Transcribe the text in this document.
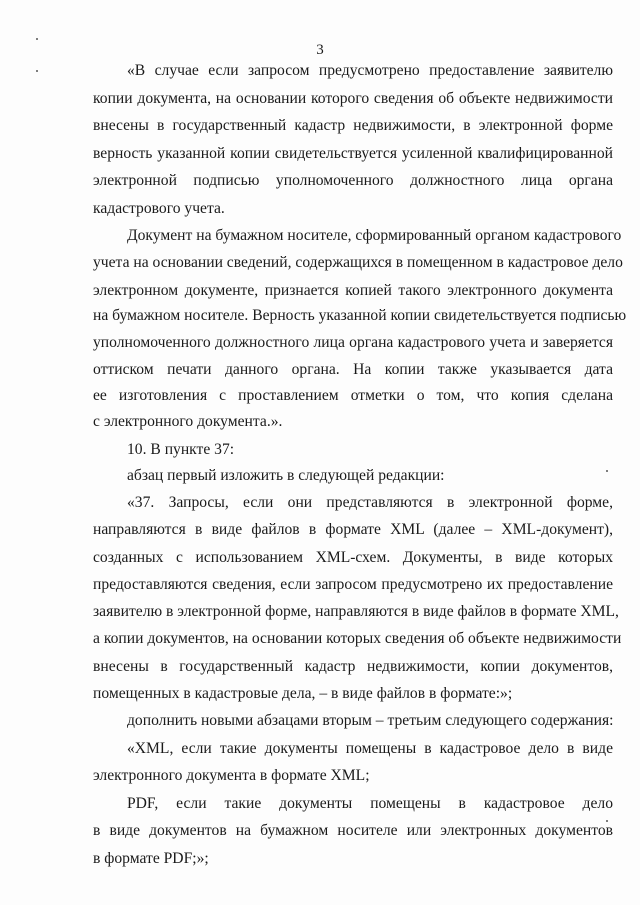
3
«В случае если запросом предусмотрено предоставление заявителю
копии документа, на основании которого сведения об объекте недвижимости
внесены в государственный кадастр недвижимости, в электронной форме
верность указанной копии свидетельствуется усиленной квалифицированной
электронной подписью уполномоченного должностного лица органа
кадастрового учета.
Документ на бумажном носителе, сформированный органом кадастрового
учета на основании сведений, содержащихся в помещенном в кадастровое дело
электронном документе, признается копией такого электронного документа
на бумажном носителе. Верность указанной копии свидетельствуется подписью
уполномоченного должностного лица органа кадастрового учета и заверяется
оттиском печати данного органа. На копии также указывается дата
ее изготовления с проставлением отметки о том, что копия сделана
с электронного документа.».
10. В пункте 37:
абзац первый изложить в следующей редакции:
«37. Запросы, если они представляются в электронной форме,
направляются в виде файлов в формате XML (далее – XML-документ),
созданных с использованием XML-схем. Документы, в виде которых
предоставляются сведения, если запросом предусмотрено их предоставление
заявителю в электронной форме, направляются в виде файлов в формате XML,
а копии документов, на основании которых сведения об объекте недвижимости
внесены в государственный кадастр недвижимости, копии документов,
помещенных в кадастровые дела, – в виде файлов в формате:»;
дополнить новыми абзацами вторым – третьим следующего содержания:
«XML, если такие документы помещены в кадастровое дело в виде
электронного документа в формате XML;
PDF, если такие документы помещены в кадастровое дело
в виде документов на бумажном носителе или электронных документов
в формате PDF;»;
